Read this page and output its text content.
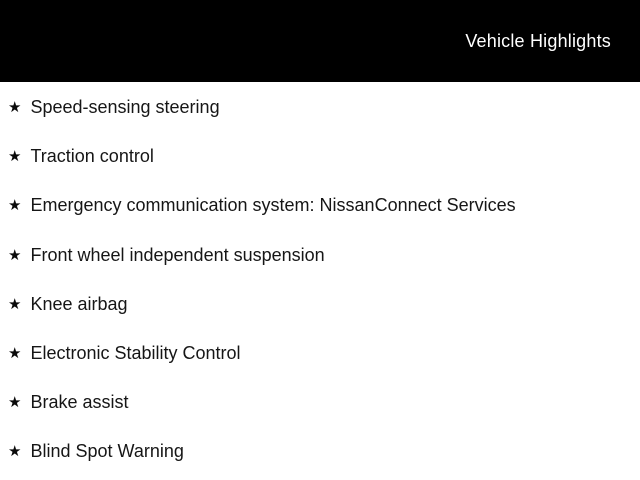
Vehicle Highlights
★ Speed-sensing steering
★ Traction control
★ Emergency communication system: NissanConnect Services
★ Front wheel independent suspension
★ Knee airbag
★ Electronic Stability Control
★ Brake assist
★ Blind Spot Warning
